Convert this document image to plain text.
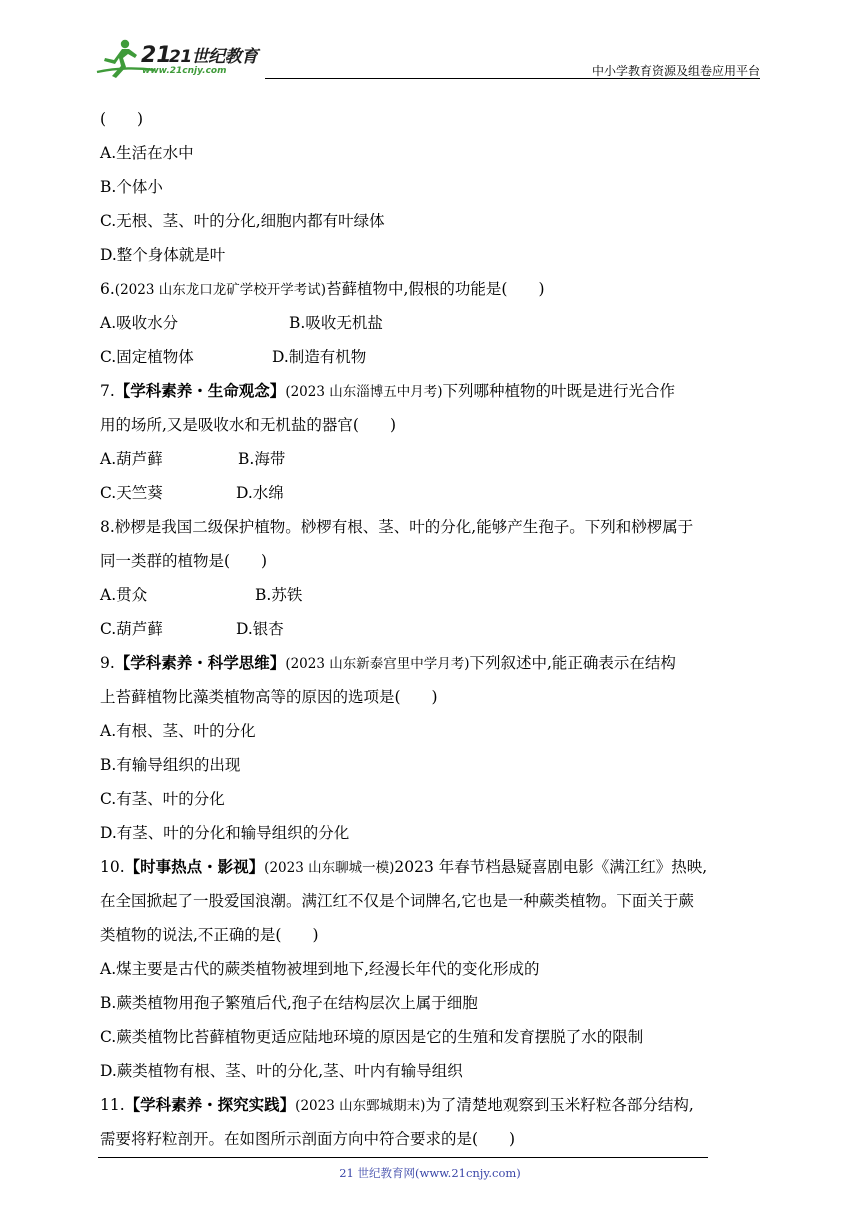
21
21世纪教育
www.21cnjy.com	中小学教育资源及组卷应用平台
(　　)
A.生活在水中
B.个体小
C.无根、茎、叶的分化,细胞内都有叶绿体
D.整个身体就是叶
6.(2023 山东龙口龙矿学校开学考试)苔藓植物中,假根的功能是(　　)
A.吸收水分	B.吸收无机盐
C.固定植物体	D.制造有机物
7.【学科素养・生命观念】(2023 山东淄博五中月考)下列哪种植物的叶既是进行光合作
用的场所,又是吸收水和无机盐的器官(　　)
A.葫芦藓	B.海带
C.天竺葵	D.水绵
8.桫椤是我国二级保护植物。桫椤有根、茎、叶的分化,能够产生孢子。下列和桫椤属于
同一类群的植物是(　　)
A.贯众	B.苏铁
C.葫芦藓	D.银杏
9.【学科素养・科学思维】(2023 山东新泰宫里中学月考)下列叙述中,能正确表示在结构
上苔藓植物比藻类植物高等的原因的选项是(　　)
A.有根、茎、叶的分化
B.有输导组织的出现
C.有茎、叶的分化
D.有茎、叶的分化和输导组织的分化
10.【时事热点・影视】(2023 山东聊城一模)2023 年春节档悬疑喜剧电影《满江红》热映,
在全国掀起了一股爱国浪潮。满江红不仅是个词牌名,它也是一种蕨类植物。下面关于蕨
类植物的说法,不正确的是(　　)
A.煤主要是古代的蕨类植物被埋到地下,经漫长年代的变化形成的
B.蕨类植物用孢子繁殖后代,孢子在结构层次上属于细胞
C.蕨类植物比苔藓植物更适应陆地环境的原因是它的生殖和发育摆脱了水的限制
D.蕨类植物有根、茎、叶的分化,茎、叶内有输导组织
11.【学科素养・探究实践】(2023 山东鄄城期末)为了清楚地观察到玉米籽粒各部分结构,
需要将籽粒剖开。在如图所示剖面方向中符合要求的是(　　)
21 世纪教育网(www.21cnjy.com)
